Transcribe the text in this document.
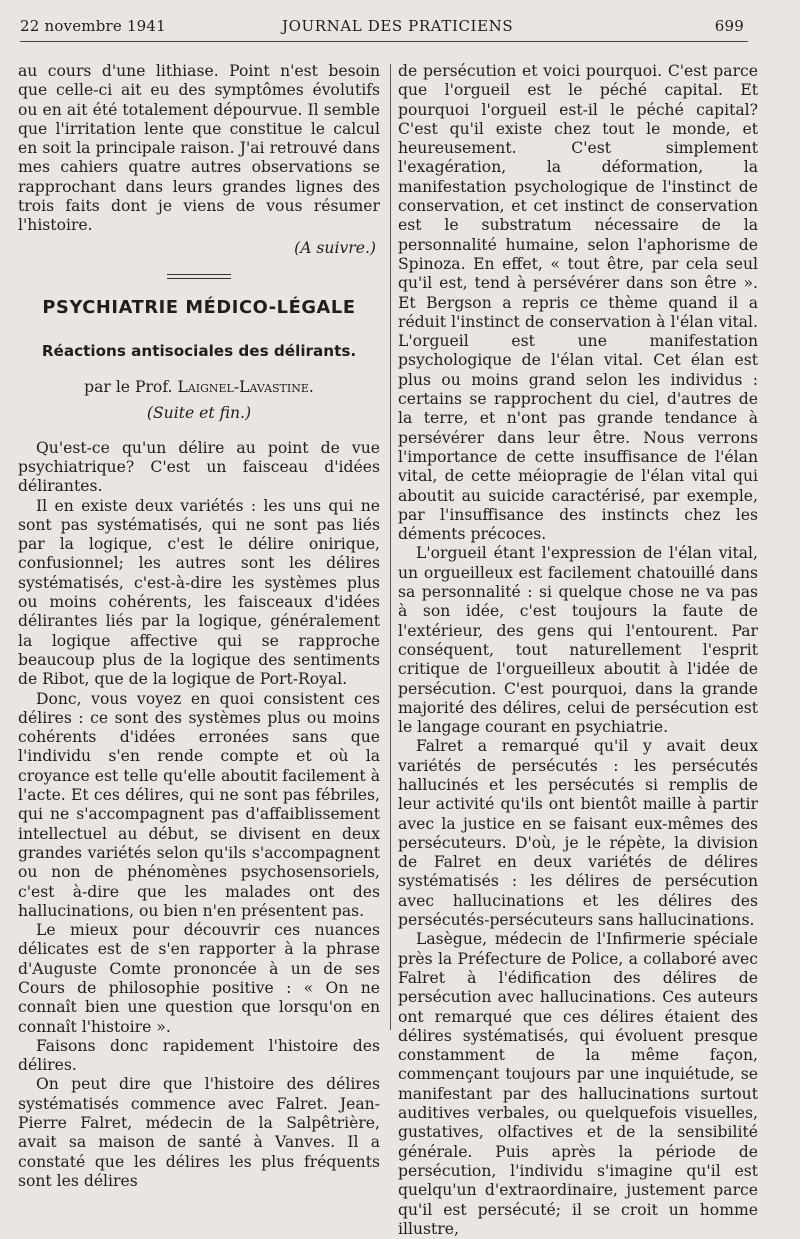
22 novembre 1941	JOURNAL DES PRATICIENS	699

au cours d'une lithiase. Point n'est besoin que celle-ci ait eu des symptômes évolutifs ou en ait été totalement dépourvue. Il semble que l'irritation lente que constitue le calcul en soit la principale raison. J'ai retrouvé dans mes cahiers quatre autres observations se rapprochant dans leurs grandes lignes des trois faits dont je viens de vous résumer l'histoire.

(A suivre.)
PSYCHIATRIE MÉDICO-LÉGALE
Réactions antisociales des délirants.
par le Prof. Laignel-Lavastine.
(Suite et fin.)

Qu'est-ce qu'un délire au point de vue psychiatrique? C'est un faisceau d'idées délirantes.

Il en existe deux variétés : les uns qui ne sont pas systématisés, qui ne sont pas liés par la logique, c'est le délire onirique, confusionnel; les autres sont les délires systématisés, c'est-à-dire les systèmes plus ou moins cohérents, les faisceaux d'idées délirantes liés par la logique, généralement la logique affective qui se rapproche beaucoup plus de la logique des sentiments de Ribot, que de la logique de Port-Royal.

Donc, vous voyez en quoi consistent ces délires : ce sont des systèmes plus ou moins cohérents d'idées erronées sans que l'individu s'en rende compte et où la croyance est telle qu'elle aboutit facilement à l'acte. Et ces délires, qui ne sont pas fébriles, qui ne s'accompagnent pas d'affaiblissement intellectuel au début, se divisent en deux grandes variétés selon qu'ils s'accompagnent ou non de phénomènes psychosensoriels, c'est à-dire que les malades ont des hallucinations, ou bien n'en présentent pas.

Le mieux pour découvrir ces nuances délicates est de s'en rapporter à la phrase d'Auguste Comte prononcée à un de ses Cours de philosophie positive : « On ne connaît bien une question que lorsqu'on en connaît l'histoire ».

Faisons donc rapidement l'histoire des délires.

On peut dire que l'histoire des délires systématisés commence avec Falret. Jean-Pierre Falret, médecin de la Salpêtrière, avait sa maison de santé à Vanves. Il a constaté que les délires les plus fréquents sont les délires

de persécution et voici pourquoi. C'est parce que l'orgueil est le péché capital. Et pourquoi l'orgueil est-il le péché capital? C'est qu'il existe chez tout le monde, et heureusement. C'est simplement l'exagération, la déformation, la manifestation psychologique de l'instinct de conservation, et cet instinct de conservation est le substratum nécessaire de la personnalité humaine, selon l'aphorisme de Spinoza. En effet, « tout être, par cela seul qu'il est, tend à persévérer dans son être ». Et Bergson a repris ce thème quand il a réduit l'instinct de conservation à l'élan vital. L'orgueil est une manifestation psychologique de l'élan vital. Cet élan est plus ou moins grand selon les individus : certains se rapprochent du ciel, d'autres de la terre, et n'ont pas grande tendance à persévérer dans leur être. Nous verrons l'importance de cette insuffisance de l'élan vital, de cette méiopragie de l'élan vital qui aboutit au suicide caractérisé, par exemple, par l'insuffisance des instincts chez les déments précoces.

L'orgueil étant l'expression de l'élan vital, un orgueilleux est facilement chatouillé dans sa personnalité : si quelque chose ne va pas à son idée, c'est toujours la faute de l'extérieur, des gens qui l'entourent. Par conséquent, tout naturellement l'esprit critique de l'orgueilleux aboutit à l'idée de persécution. C'est pourquoi, dans la grande majorité des délires, celui de persécution est le langage courant en psychiatrie.

Falret a remarqué qu'il y avait deux variétés de persécutés : les persécutés hallucinés et les persécutés si remplis de leur activité qu'ils ont bientôt maille à partir avec la justice en se faisant eux-mêmes des persécuteurs. D'où, je le répète, la division de Falret en deux variétés de délires systématisés : les délires de persécution avec hallucinations et les délires des persécutés-persécuteurs sans hallucinations.

Lasègue, médecin de l'Infirmerie spéciale près la Préfecture de Police, a collaboré avec Falret à l'édification des délires de persécution avec hallucinations. Ces auteurs ont remarqué que ces délires étaient des délires systématisés, qui évoluent presque constamment de la même façon, commençant toujours par une inquiétude, se manifestant par des hallucinations surtout auditives verbales, ou quelquefois visuelles, gustatives, olfactives et de la sensibilité générale. Puis après la période de persécution, l'individu s'imagine qu'il est quelqu'un d'extraordinaire, justement parce qu'il est persécuté; il se croit un homme illustre,
